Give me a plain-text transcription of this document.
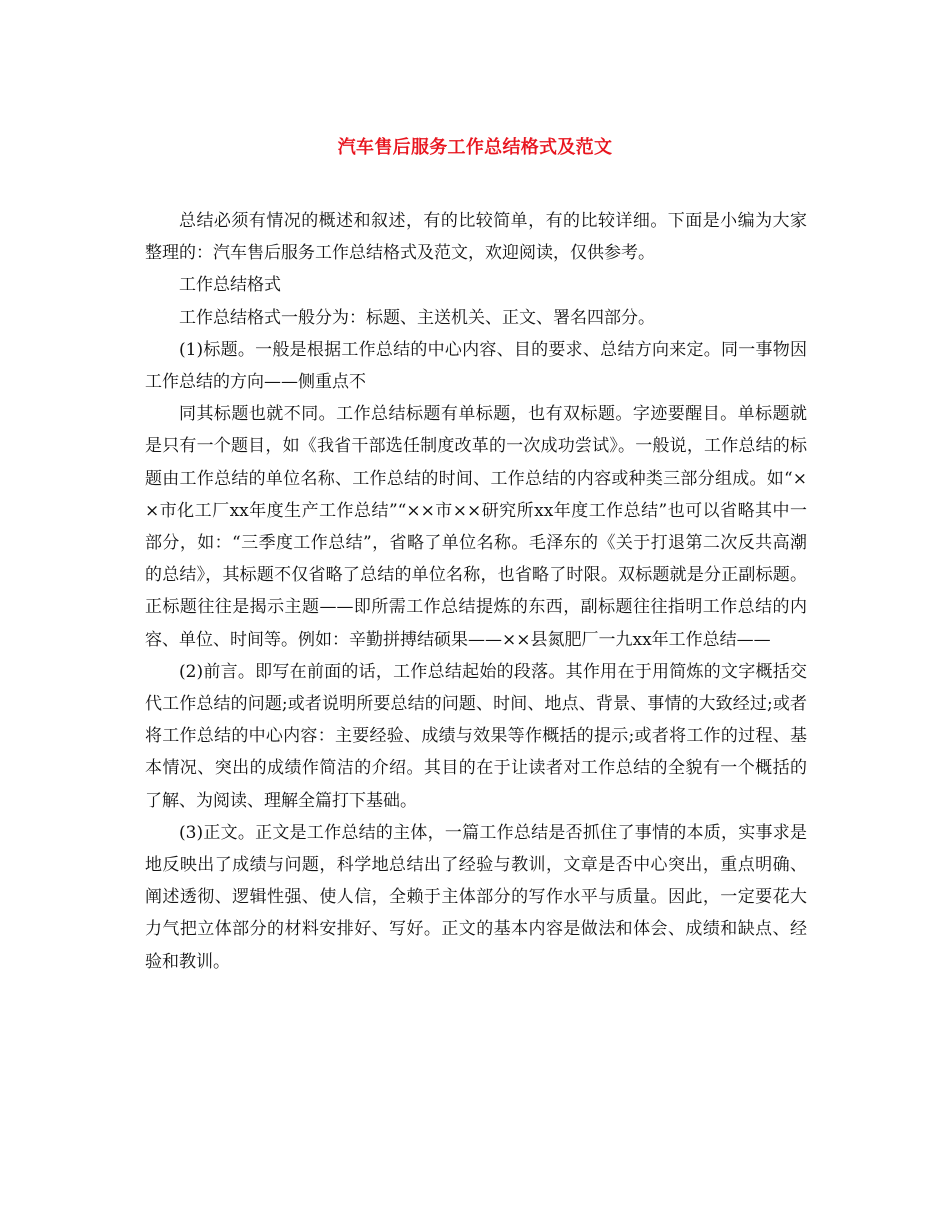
汽车售后服务工作总结格式及范文

总结必须有情况的概述和叙述，有的比较简单，有的比较详细。下面是小编为大家整理的：汽车售后服务工作总结格式及范文，欢迎阅读，仅供参考。

工作总结格式

工作总结格式一般分为：标题、主送机关、正文、署名四部分。

(1)标题。一般是根据工作总结的中心内容、目的要求、总结方向来定。同一事物因工作总结的方向——侧重点不

同其标题也就不同。工作总结标题有单标题，也有双标题。字迹要醒目。单标题就是只有一个题目，如《我省干部选任制度改革的一次成功尝试》。一般说，工作总结的标题由工作总结的单位名称、工作总结的时间、工作总结的内容或种类三部分组成。如“××市化工厂xx年度生产工作总结”“××市××研究所xx年度工作总结”也可以省略其中一部分，如：“三季度工作总结”，省略了单位名称。毛泽东的《关于打退第二次反共高潮的总结》，其标题不仅省略了总结的单位名称，也省略了时限。双标题就是分正副标题。正标题往往是揭示主题——即所需工作总结提炼的东西，副标题往往指明工作总结的内容、单位、时间等。例如：辛勤拼搏结硕果——××县氮肥厂一九xx年工作总结——

(2)前言。即写在前面的话，工作总结起始的段落。其作用在于用简炼的文字概括交代工作总结的问题;或者说明所要总结的问题、时间、地点、背景、事情的大致经过;或者将工作总结的中心内容：主要经验、成绩与效果等作概括的提示;或者将工作的过程、基本情况、突出的成绩作简洁的介绍。其目的在于让读者对工作总结的全貌有一个概括的了解、为阅读、理解全篇打下基础。

(3)正文。正文是工作总结的主体，一篇工作总结是否抓住了事情的本质，实事求是地反映出了成绩与问题，科学地总结出了经验与教训，文章是否中心突出，重点明确、阐述透彻、逻辑性强、使人信，全赖于主体部分的写作水平与质量。因此，一定要花大力气把立体部分的材料安排好、写好。正文的基本内容是做法和体会、成绩和缺点、经验和教训。
